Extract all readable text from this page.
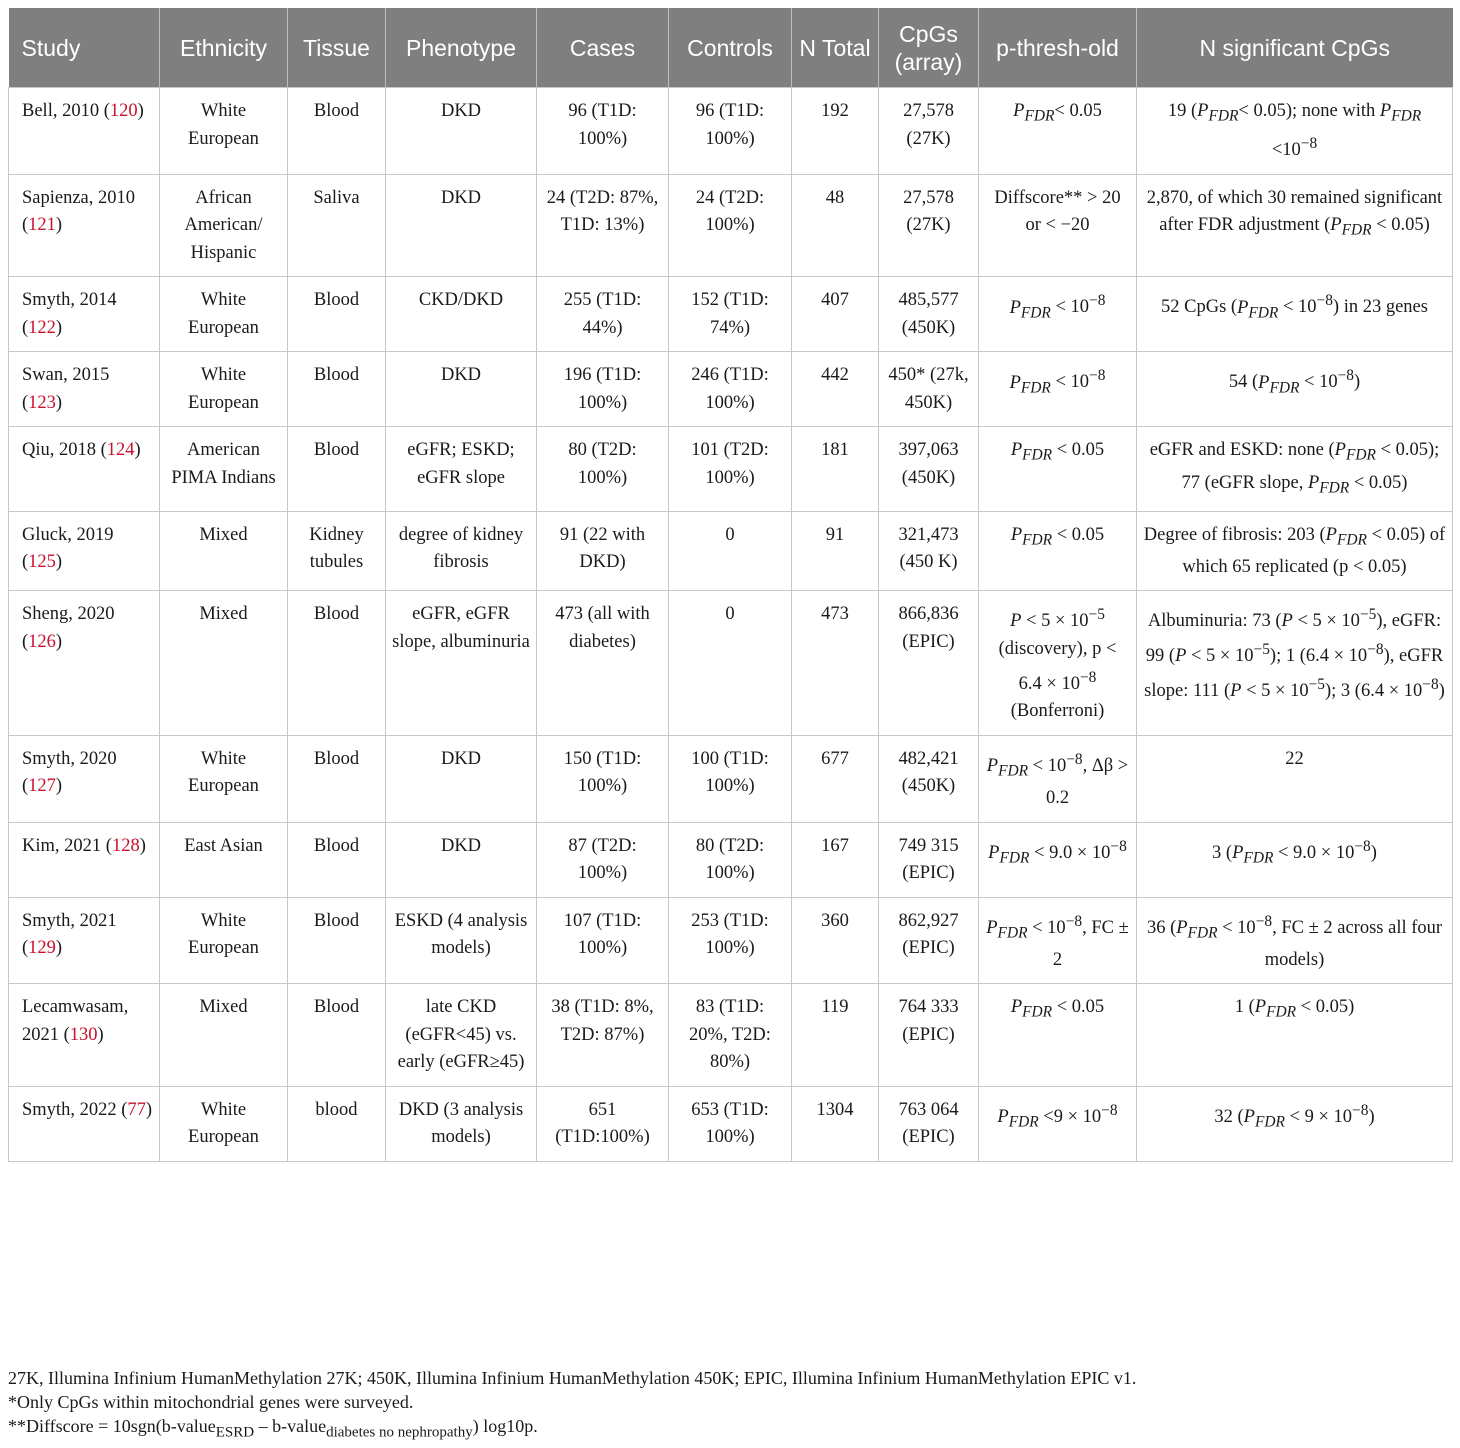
Study	Ethnicity	Tissue	Phenotype	Cases	Controls	N Total	CpGs (array)	p-thresh-old	N significant CpGs
Bell, 2010 (120)	White European	Blood	DKD	96 (T1D: 100%)	96 (T1D: 100%)	192	27,578 (27K)	$P_{FDR}< 0.05$	19 $(P_{FDR}< 0.05)$; none with $P_{FDR} <10^{-8}$
Sapienza, 2010 (121)	African American/ Hispanic	Saliva	DKD	24 (T2D: 87%, T1D: 13%)	24 (T2D: 100%)	48	27,578 (27K)	Diffscore** > 20 or < −20	2,870, of which 30 remained significant after FDR adjustment $(P_{FDR} < 0.05)$
Smyth, 2014 (122)	White European	Blood	CKD/DKD	255 (T1D: 44%)	152 (T1D: 74%)	407	485,577 (450K)	$P_{FDR} < 10^{-8}$	52 CpGs $(P_{FDR} < 10^{-8})$ in 23 genes
Swan, 2015 (123)	White European	Blood	DKD	196 (T1D: 100%)	246 (T1D: 100%)	442	450* (27k, 450K)	$P_{FDR} < 10^{-8}$	54 $(P_{FDR} < 10^{-8})$
Qiu, 2018 (124)	American PIMA Indians	Blood	eGFR; ESKD; eGFR slope	80 (T2D: 100%)	101 (T2D: 100%)	181	397,063 (450K)	$P_{FDR} < 0.05$	eGFR and ESKD: none $(P_{FDR} < 0.05)$; 77 (eGFR slope, $P_{FDR} < 0.05$)
Gluck, 2019 (125)	Mixed	Kidney tubules	degree of kidney fibrosis	91 (22 with DKD)	0	91	321,473 (450 K)	$P_{FDR} < 0.05$	Degree of fibrosis: 203 $(P_{FDR} < 0.05)$ of which 65 replicated (p < 0.05)
Sheng, 2020 (126)	Mixed	Blood	eGFR, eGFR slope, albuminuria	473 (all with diabetes)	0	473	866,836 (EPIC)	$P < 5 \times 10^{-5}$ (discovery), $p < 6.4 \times 10^{-8}$ (Bonferroni)	Albuminuria: 73 $(P < 5 \times 10^{-5})$, eGFR: 99 $(P < 5 \times 10^{-5})$; 1 $(6.4 \times 10^{-8})$, eGFR slope: 111 $(P < 5 \times 10^{-5})$; 3 $(6.4 \times 10^{-8})$
Smyth, 2020 (127)	White European	Blood	DKD	150 (T1D: 100%)	100 (T1D: 100%)	677	482,421 (450K)	$P_{FDR} < 10^{-8}$, Δβ > 0.2	22
Kim, 2021 (128)	East Asian	Blood	DKD	87 (T2D: 100%)	80 (T2D: 100%)	167	749 315 (EPIC)	$P_{FDR} < 9.0 \times 10^{-8}$	3 $(P_{FDR} < 9.0 \times 10^{-8})$
Smyth, 2021 (129)	White European	Blood	ESKD (4 analysis models)	107 (T1D: 100%)	253 (T1D: 100%)	360	862,927 (EPIC)	$P_{FDR} < 10^{-8}$, FC ± 2	36 ($P_{FDR} < 10^{-8}$, FC ± 2 across all four models)
Lecamwasam, 2021 (130)	Mixed	Blood	late CKD (eGFR<45) vs. early (eGFR≥45)	38 (T1D: 8%, T2D: 87%)	83 (T1D: 20%, T2D: 80%)	119	764 333 (EPIC)	$P_{FDR} < 0.05$	1 $(P_{FDR} < 0.05)$
Smyth, 2022 (77)	White European	blood	DKD (3 analysis models)	651 (T1D:100%)	653 (T1D: 100%)	1304	763 064 (EPIC)	$P_{FDR} <9 \times 10^{-8}$	32 $(P_{FDR} < 9 \times 10^{-8})$
27K, Illumina Infinium HumanMethylation 27K; 450K, Illumina Infinium HumanMethylation 450K; EPIC, Illumina Infinium HumanMethylation EPIC v1.
*Only CpGs within mitochondrial genes were surveyed.
**Diffscore = 10sgn(b-value$_{ESRD}$ – b-value$_{diabetes no nephropathy}$) log10p.
